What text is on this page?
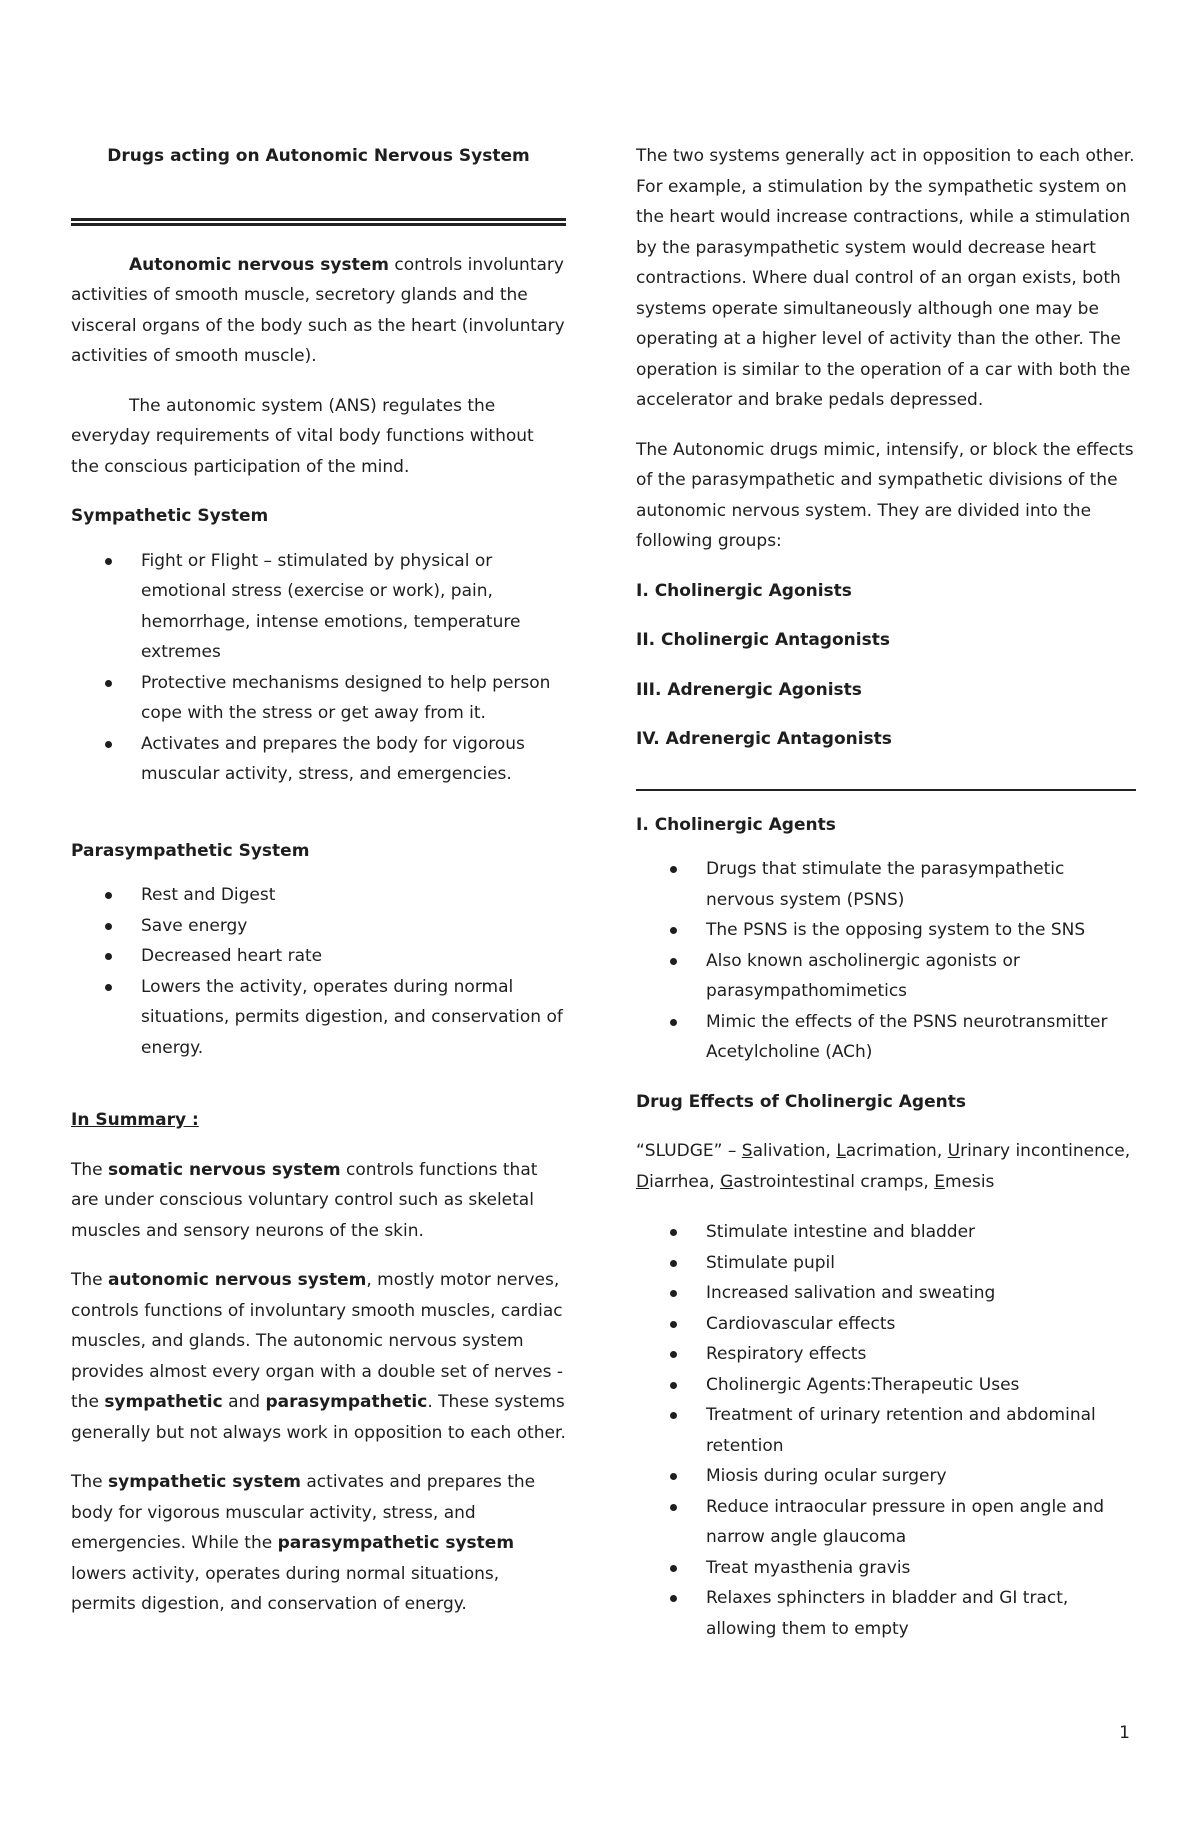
Drugs acting on Autonomic Nervous System

Autonomic nervous system controls involuntary activities of smooth muscle, secretory glands and the visceral organs of the body such as the heart (involuntary activities of smooth muscle).

The autonomic system (ANS) regulates the everyday requirements of vital body functions without the conscious participation of the mind.

Sympathetic System

Fight or Flight – stimulated by physical or emotional stress (exercise or work), pain, hemorrhage, intense emotions, temperature extremes
Protective mechanisms designed to help person cope with the stress or get away from it.
Activates and prepares the body for vigorous muscular activity, stress, and emergencies.

Parasympathetic System

Rest and Digest
Save energy
Decreased heart rate
Lowers the activity, operates during normal situations, permits digestion, and conservation of energy.

In Summary :

The somatic nervous system controls functions that are under conscious voluntary control such as skeletal muscles and sensory neurons of the skin.

The autonomic nervous system, mostly motor nerves, controls functions of involuntary smooth muscles, cardiac muscles, and glands. The autonomic nervous system provides almost every organ with a double set of nerves - the sympathetic and parasympathetic. These systems generally but not always work in opposition to each other.

The sympathetic system activates and prepares the body for vigorous muscular activity, stress, and emergencies. While the parasympathetic system lowers activity, operates during normal situations, permits digestion, and conservation of energy.

The two systems generally act in opposition to each other. For example, a stimulation by the sympathetic system on the heart would increase contractions, while a stimulation by the parasympathetic system would decrease heart contractions. Where dual control of an organ exists, both systems operate simultaneously although one may be operating at a higher level of activity than the other. The operation is similar to the operation of a car with both the accelerator and brake pedals depressed.

The Autonomic drugs mimic, intensify, or block the effects of the parasympathetic and sympathetic divisions of the autonomic nervous system. They are divided into the following groups:

I. Cholinergic Agonists

II. Cholinergic Antagonists

III. Adrenergic Agonists

IV. Adrenergic Antagonists

I. Cholinergic Agents

Drugs that stimulate the parasympathetic nervous system (PSNS)
The PSNS is the opposing system to the SNS
Also known ascholinergic agonists or parasympathomimetics
Mimic the effects of the PSNS neurotransmitter Acetylcholine (ACh)

Drug Effects of Cholinergic Agents

“SLUDGE” – Salivation, Lacrimation, Urinary incontinence, Diarrhea, Gastrointestinal cramps, Emesis

Stimulate intestine and bladder
Stimulate pupil
Increased salivation and sweating
Cardiovascular effects
Respiratory effects
Cholinergic Agents:Therapeutic Uses
Treatment of urinary retention and abdominal retention
Miosis during ocular surgery
Reduce intraocular pressure in open angle and narrow angle glaucoma
Treat myasthenia gravis
Relaxes sphincters in bladder and GI tract, allowing them to empty
1
